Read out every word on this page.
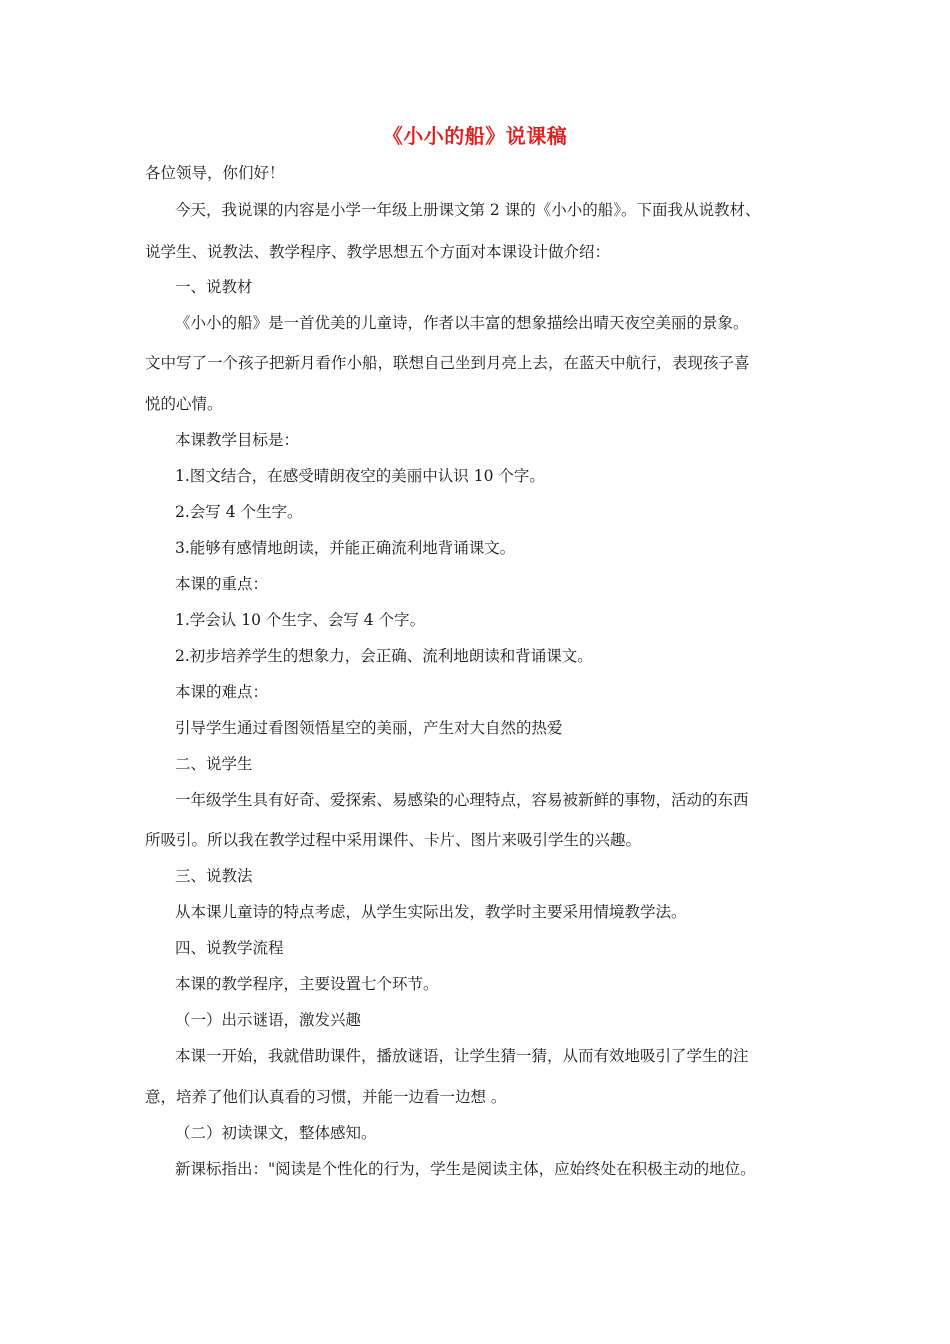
《小小的船》说课稿
各位领导，你们好！
今天，我说课的内容是小学一年级上册课文第 2 课的《小小的船》。下面我从说教材、
说学生、说教法、教学程序、教学思想五个方面对本课设计做介绍：
一、说教材
《小小的船》是一首优美的儿童诗，作者以丰富的想象描绘出晴天夜空美丽的景象。
文中写了一个孩子把新月看作小船，联想自己坐到月亮上去，在蓝天中航行，表现孩子喜
悦的心情。
本课教学目标是：
1.图文结合，在感受晴朗夜空的美丽中认识 10 个字。
2.会写 4 个生字。
3.能够有感情地朗读，并能正确流利地背诵课文。
本课的重点：
1.学会认 10 个生字、会写 4 个字。
2.初步培养学生的想象力，会正确、流利地朗读和背诵课文。
本课的难点：
引导学生通过看图领悟星空的美丽，产生对大自然的热爱
二、说学生
一年级学生具有好奇、爱探索、易感染的心理特点，容易被新鲜的事物，活动的东西
所吸引。所以我在教学过程中采用课件、卡片、图片来吸引学生的兴趣。
三、说教法
从本课儿童诗的特点考虑，从学生实际出发，教学时主要采用情境教学法。
四、说教学流程
本课的教学程序，主要设置七个环节。
（一）出示谜语，激发兴趣
本课一开始，我就借助课件，播放谜语，让学生猜一猜，从而有效地吸引了学生的注
意，培养了他们认真看的习惯，并能一边看一边想 。
（二）初读课文，整体感知。
新课标指出："阅读是个性化的行为，学生是阅读主体，应始终处在积极主动的地位。
